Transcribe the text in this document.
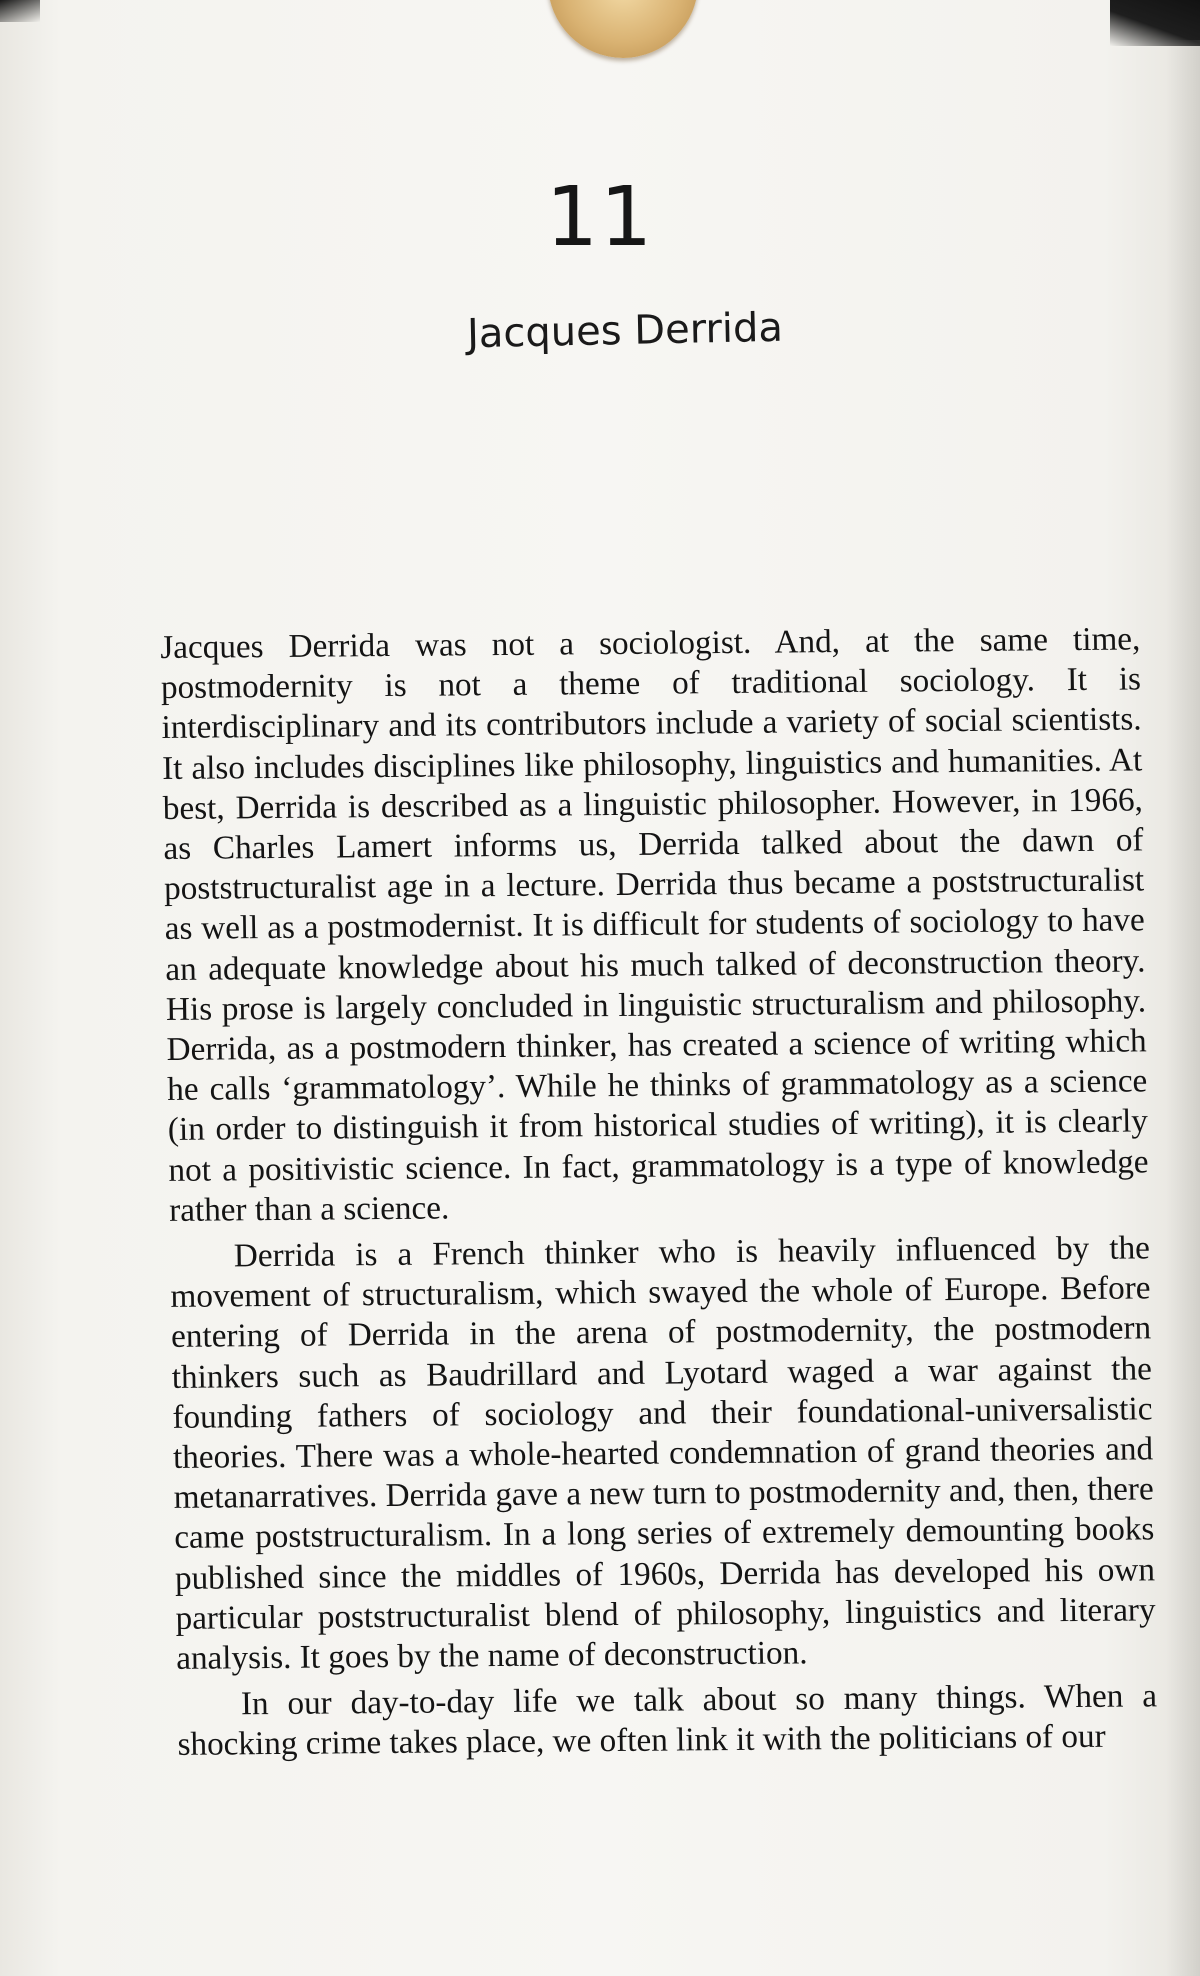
11
Jacques Derrida

Jacques Derrida was not a sociologist. And, at the same time, postmodernity is not a theme of traditional sociology. It is interdisciplinary and its contributors include a variety of social scientists. It also includes disciplines like philosophy, linguistics and humanities. At best, Derrida is described as a linguistic philosopher. However, in 1966, as Charles Lamert informs us, Derrida talked about the dawn of poststructuralist age in a lecture. Derrida thus became a poststructuralist as well as a postmodernist. It is difficult for students of sociology to have an adequate knowledge about his much talked of deconstruction theory. His prose is largely concluded in linguistic structuralism and philosophy. Derrida, as a postmodern thinker, has created a science of writing which he calls ‘grammatology’. While he thinks of grammatology as a science (in order to distinguish it from historical studies of writing), it is clearly not a positivistic science. In fact, grammatology is a type of knowledge rather than a science.

Derrida is a French thinker who is heavily influenced by the movement of structuralism, which swayed the whole of Europe. Before entering of Derrida in the arena of postmodernity, the postmodern thinkers such as Baudrillard and Lyotard waged a war against the founding fathers of sociology and their foundational-universalistic theories. There was a whole-hearted condemnation of grand theories and metanarratives. Derrida gave a new turn to postmodernity and, then, there came poststructuralism. In a long series of extremely demounting books published since the middles of 1960s, Derrida has developed his own particular poststructuralist blend of philosophy, linguistics and literary analysis. It goes by the name of deconstruction.

In our day-to-day life we talk about so many things. When a shocking crime takes place, we often link it with the politicians of our
